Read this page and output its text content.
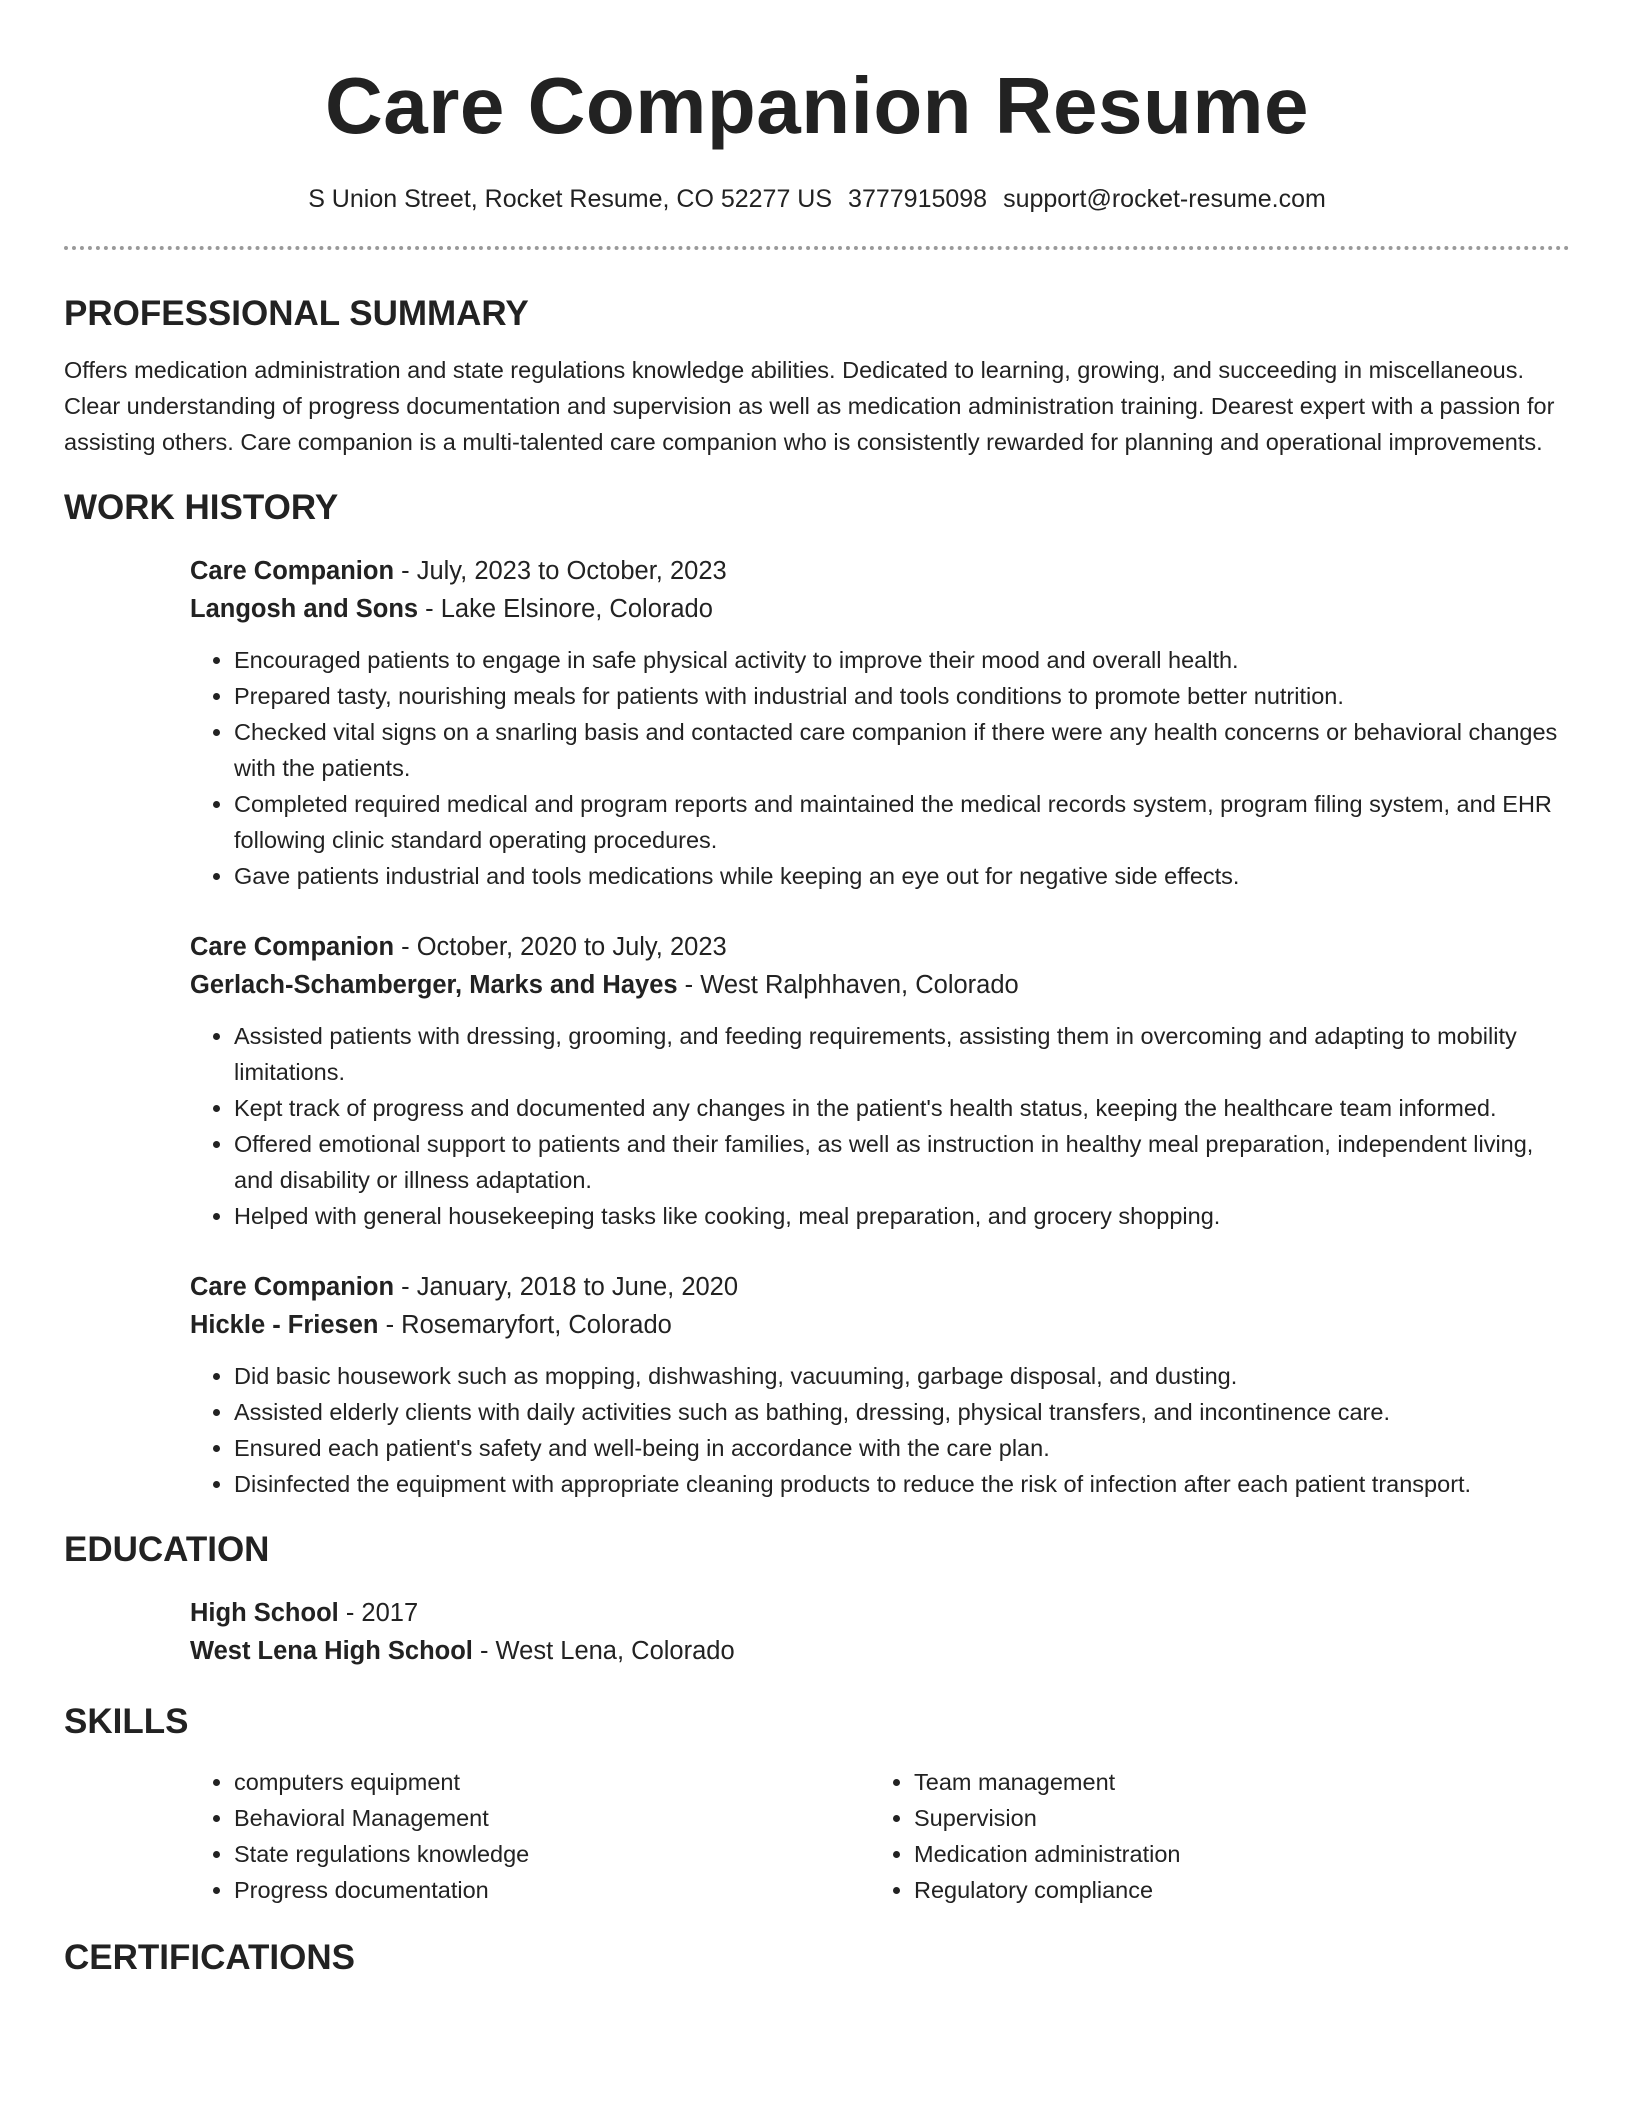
Care Companion Resume
S Union Street, Rocket Resume, CO 52277 US 3777915098 support@rocket-resume.com
PROFESSIONAL SUMMARY

Offers medication administration and state regulations knowledge abilities. Dedicated to learning, growing, and succeeding in miscellaneous. Clear understanding of progress documentation and supervision as well as medication administration training. Dearest expert with a passion for assisting others. Care companion is a multi-talented care companion who is consistently rewarded for planning and operational improvements.

WORK HISTORY

Care Companion - July, 2023 to October, 2023

Langosh and Sons - Lake Elsinore, Colorado

• Encouraged patients to engage in safe physical activity to improve their mood and overall health.
• Prepared tasty, nourishing meals for patients with industrial and tools conditions to promote better nutrition.
• Checked vital signs on a snarling basis and contacted care companion if there were any health concerns or behavioral changes with the patients.
• Completed required medical and program reports and maintained the medical records system, program filing system, and EHR following clinic standard operating procedures.
• Gave patients industrial and tools medications while keeping an eye out for negative side effects.

Care Companion - October, 2020 to July, 2023

Gerlach-Schamberger, Marks and Hayes - West Ralphhaven, Colorado

• Assisted patients with dressing, grooming, and feeding requirements, assisting them in overcoming and adapting to mobility limitations.
• Kept track of progress and documented any changes in the patient's health status, keeping the healthcare team informed.
• Offered emotional support to patients and their families, as well as instruction in healthy meal preparation, independent living, and disability or illness adaptation.
• Helped with general housekeeping tasks like cooking, meal preparation, and grocery shopping.

Care Companion - January, 2018 to June, 2020

Hickle - Friesen - Rosemaryfort, Colorado

• Did basic housework such as mopping, dishwashing, vacuuming, garbage disposal, and dusting.
• Assisted elderly clients with daily activities such as bathing, dressing, physical transfers, and incontinence care.
• Ensured each patient's safety and well-being in accordance with the care plan.
• Disinfected the equipment with appropriate cleaning products to reduce the risk of infection after each patient transport.
EDUCATION

High School - 2017

West Lena High School - West Lena, Colorado

SKILLS
• computers equipment
• Behavioral Management
• State regulations knowledge
• Progress documentation
• Team management
• Supervision
• Medication administration
• Regulatory compliance
CERTIFICATIONS
